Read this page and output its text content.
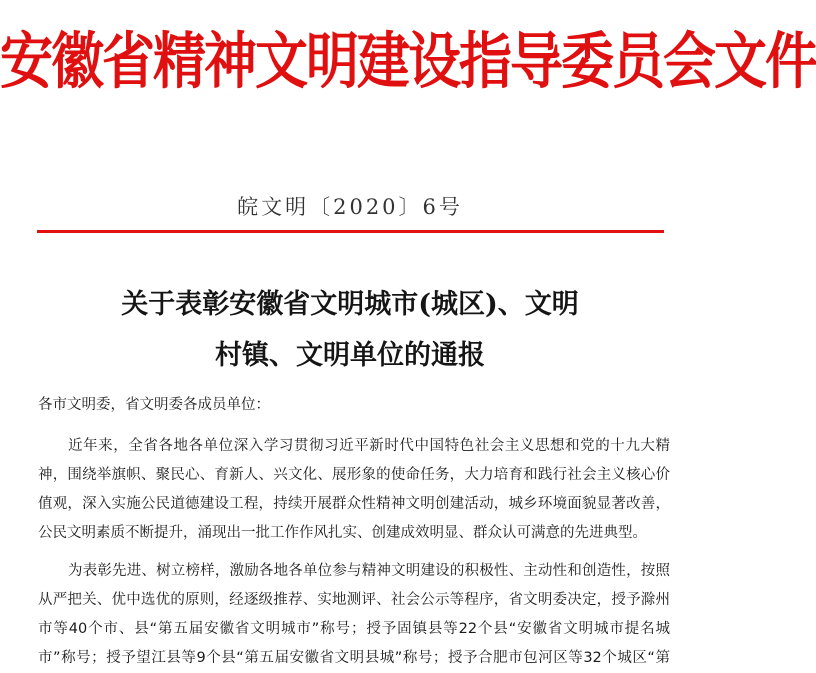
安徽省精神文明建设指导委员会文件
皖文明〔2020〕6号
关于表彰安徽省文明城市(城区)、文明
村镇、文明单位的通报
各市文明委，省文明委各成员单位：
近年来，全省各地各单位深入学习贯彻习近平新时代中国特色社会主义思想和党的十九大精
神，围绕举旗帜、聚民心、育新人、兴文化、展形象的使命任务，大力培育和践行社会主义核心价
值观，深入实施公民道德建设工程，持续开展群众性精神文明创建活动，城乡环境面貌显著改善，
公民文明素质不断提升，涌现出一批工作作风扎实、创建成效明显、群众认可满意的先进典型。
为表彰先进、树立榜样，激励各地各单位参与精神文明建设的积极性、主动性和创造性，按照
从严把关、优中选优的原则，经逐级推荐、实地测评、社会公示等程序，省文明委决定，授予滁州
市等40个市、县“第五届安徽省文明城市”称号；授予固镇县等22个县“安徽省文明城市提名城
市”称号；授予望江县等9个县“第五届安徽省文明县城”称号；授予合肥市包河区等32个城区“第
